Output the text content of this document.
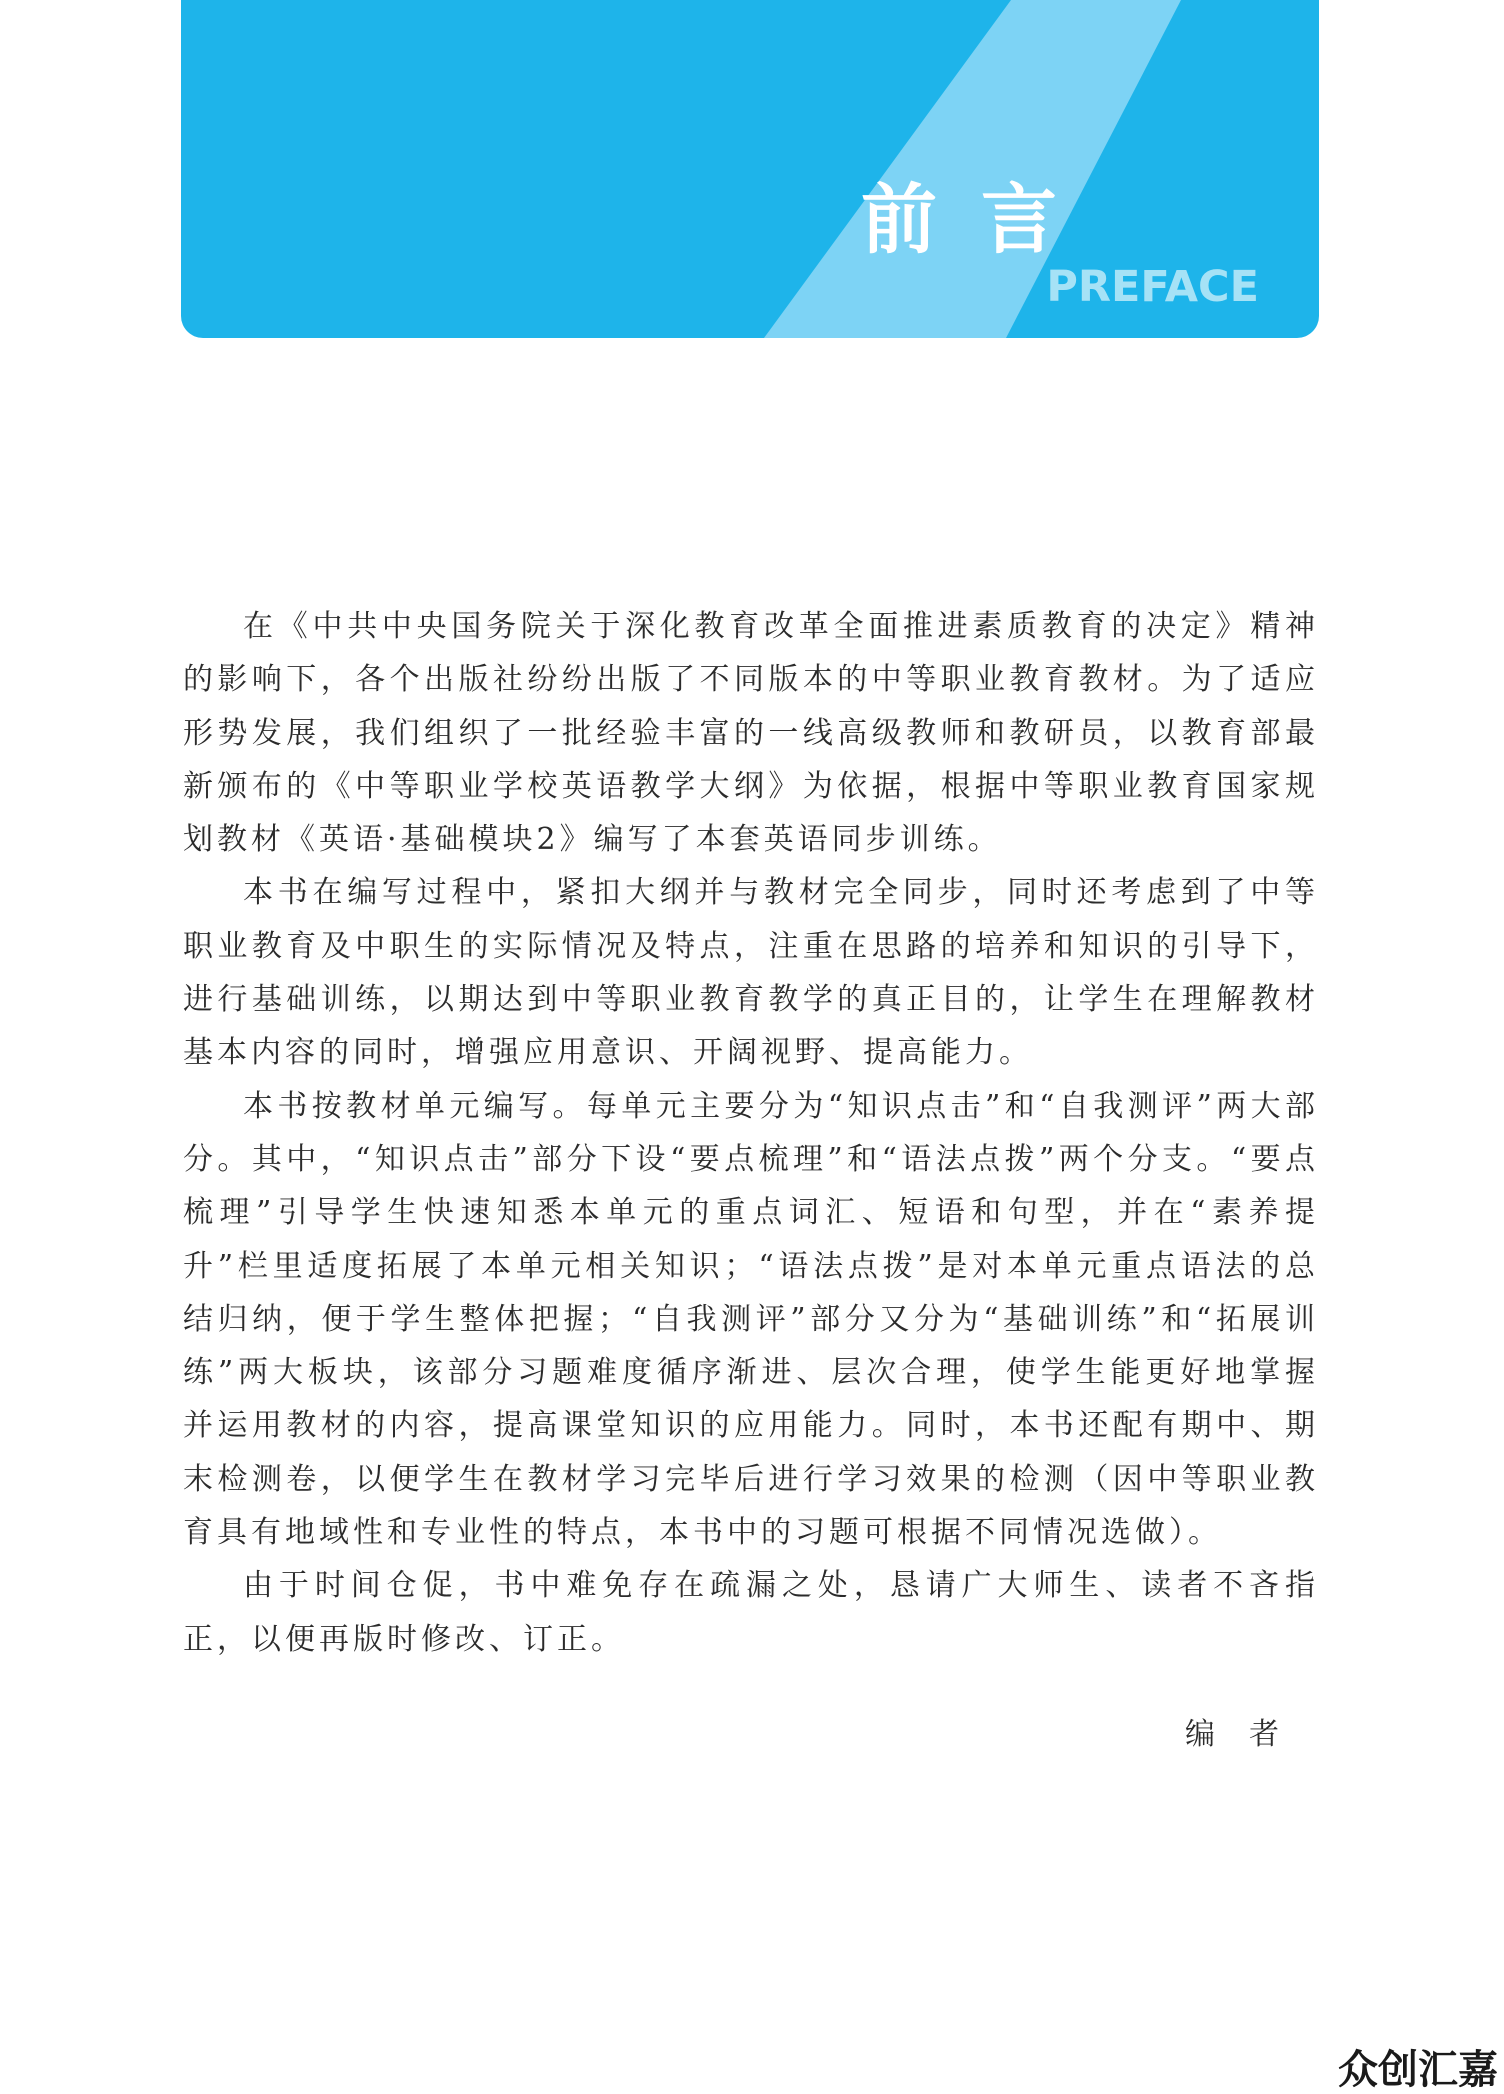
前言
PREFACE

在《中共中央国务院关于深化教育改革全面推进素质教育的决定》精神的影响下，各个出版社纷纷出版了不同版本的中等职业教育教材。为了适应形势发展，我们组织了一批经验丰富的一线高级教师和教研员，以教育部最新颁布的《中等职业学校英语教学大纲》为依据，根据中等职业教育国家规划教材《英语·基础模块2》编写了本套英语同步训练。

本书在编写过程中，紧扣大纲并与教材完全同步，同时还考虑到了中等职业教育及中职生的实际情况及特点，注重在思路的培养和知识的引导下，进行基础训练，以期达到中等职业教育教学的真正目的，让学生在理解教材基本内容的同时，增强应用意识、开阔视野、提高能力。

本书按教材单元编写。每单元主要分为“知识点击”和“自我测评”两大部分。其中，“知识点击”部分下设“要点梳理”和“语法点拨”两个分支。“要点梳理”引导学生快速知悉本单元的重点词汇、短语和句型，并在“素养提升”栏里适度拓展了本单元相关知识；“语法点拨”是对本单元重点语法的总结归纳，便于学生整体把握；“自我测评”部分又分为“基础训练”和“拓展训练”两大板块，该部分习题难度循序渐进、层次合理，使学生能更好地掌握并运用教材的内容，提高课堂知识的应用能力。同时，本书还配有期中、期末检测卷，以便学生在教材学习完毕后进行学习效果的检测（因中等职业教育具有地域性和专业性的特点，本书中的习题可根据不同情况选做）。

由于时间仓促，书中难免存在疏漏之处，恳请广大师生、读者不吝指正，以便再版时修改、订正。

编者
众创汇嘉
